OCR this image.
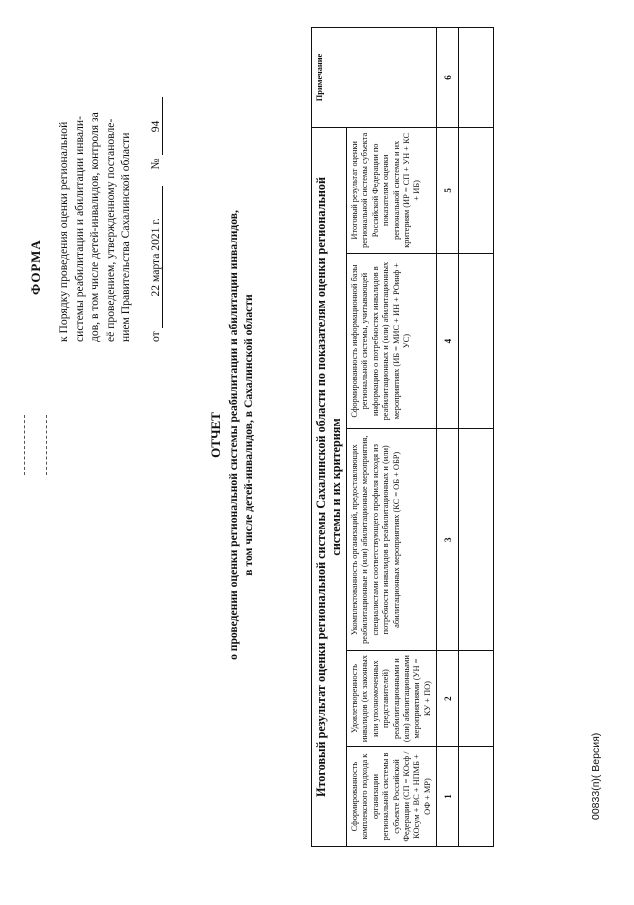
ФОРМА к Порядку проведения оценки региональной системы реабилитации и абилитации инвали- дов, в том числе детей-инвалидов, контроля за её проведением, утвержденному постановле- нием Правительства Сахалинской области от 22 марта 2021 г. № 94
ОТЧЕТ о проведении оценки региональной системы реабилитации и абилитации инвалидов, в том числе детей-инвалидов, в Сахалинской области	Итоговый результат оценки региональной системы Сахалинской области по показателям оценки региональной системы и их критериям					Примечание
Сформированность комплексного подхода к организации региональной системы в субъекте Российской Федерации (СП = КОсф / КОсум + ВС + НПМБ + ОФ + МР)	Удовлетворенность инвалидов (их законных или уполномоченных представителей) реабилитационными и (или) абилитационными мероприятиями (УН = КУ + ПО)	Укомплектованность организаций, предоставляющих реабилитационные и (или) абилитационные мероприятия, специалистами соответствующего профиля исходя из потребности инвалидов в реабилитационных и (или) абилитационных мероприятиях (КС = ОБ + ОБР)	Сформированность информационной базы региональной системы, учитывающей информацию о потребностях инвалидов в реабилитационных и (или) абилитационных мероприятиях (ИБ = МИС + ИН + РОинф + УС)	Итоговый результат оценки региональной системы субъекта Российской Федерации по показателям оценки региональной системы и их критериям (ИР = СП + УН + КС + ИБ)	
1	2	3	4	5	6

00833(п)( Версия)
